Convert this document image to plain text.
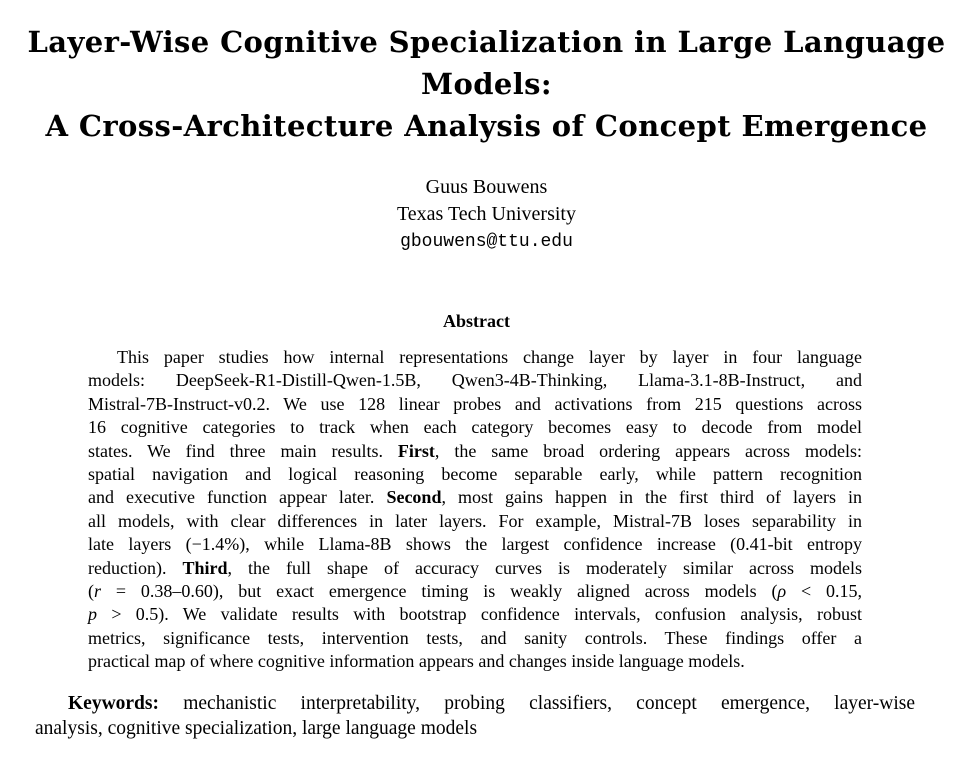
Layer-Wise Cognitive Specialization in Large Language
Models:
A Cross-Architecture Analysis of Concept Emergence
Guus Bouwens
Texas Tech University
gbouwens@ttu.edu
Abstract
This paper studies how internal representations change layer by layer in four language
models: DeepSeek-R1-Distill-Qwen-1.5B, Qwen3-4B-Thinking, Llama-3.1-8B-Instruct, and
Mistral-7B-Instruct-v0.2. We use 128 linear probes and activations from 215 questions across
16 cognitive categories to track when each category becomes easy to decode from model
states. We find three main results. First, the same broad ordering appears across models:
spatial navigation and logical reasoning become separable early, while pattern recognition
and executive function appear later. Second, most gains happen in the first third of layers in
all models, with clear differences in later layers. For example, Mistral-7B loses separability in
late layers (−1.4%), while Llama-8B shows the largest confidence increase (0.41-bit entropy
reduction). Third, the full shape of accuracy curves is moderately similar across models
(r = 0.38–0.60), but exact emergence timing is weakly aligned across models (ρ < 0.15,
p > 0.5). We validate results with bootstrap confidence intervals, confusion analysis, robust
metrics, significance tests, intervention tests, and sanity controls. These findings offer a
practical map of where cognitive information appears and changes inside language models.
Keywords: mechanistic interpretability, probing classifiers, concept emergence, layer-wise
analysis, cognitive specialization, large language models
